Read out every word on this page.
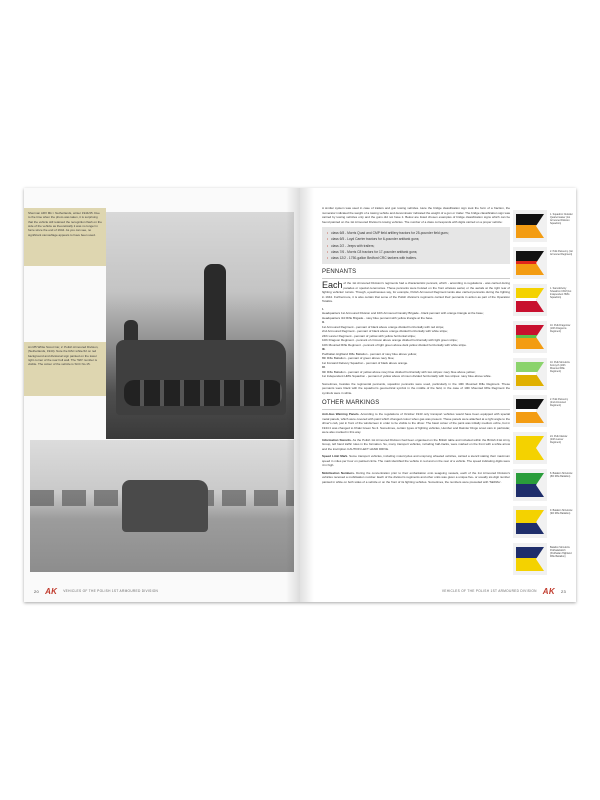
Sherman ARV Mk I. Netherlands, winter 1944/45. Due to the time when the photo was taken, it is surprising that the vehicle still retained the recognition flash on the side of the vehicle as theoretically it was no longer in force since the end of 1944. As you can see, no significant camouflage appears to have been used.

An M5 White Scout Car, 2. Polish Armoured Division, (Netherlands, 1944). Note the RAC white-52 on red background and divisional sign painted on the lower right corner of the rear hull wall. The 'WD' number is visible. The colour of the vehicle is SCC No.15.

20 AK VEHICLES OF THE POLISH 1ST ARMOURED DIVISION

A similar system was used in case of trailers and gun towing vehicles. Here the bridge classification sign took the form of a fraction, the numerator indicated the weight of a towing vehicle and denominator indicated the weight of a gun or trailer. The bridge classification sign was carried by towing vehicles only and the guns did not have it. Below are listed chosen examples of bridge classification signs which can be found painted on the 1st Armoured Division's towing vehicles. The number of a class corresponds with digits carried on a proper vehicle:

• class 6/8 - Morris Quad and CMP field artillery tractors for 25-pounder field guns;
• class 6/5 - Loyd Carrier tractors for 6-pounder antitank guns;
• class 2/2 - Jeeps with trailers;
• class 7/6 - Morris C8 tractors for 17-pounder antitank guns;
• class 12/2 - 1750-gallon Bedford CRC tankers with trailers.
PENNANTS

Each of the 1st Armoured Division's regiments had a characteristic pennant, which - according to regulations - was carried during parades or special ceremonies. These pennants were hoisted on the front wireless aerial, or the aerials at the right rear of fighting vehicles' turrets. Though, eyewitnesses say, for example, Polish Armoured Regiment tanks also carried pennants during the fighting in 1944. Furthermore, it is also certain that some of the Polish division's regiments carried their pennants in action as part of the Operation Totalize.

I.

Headquarters 1st Armoured Division and 10th Armoured Cavalry Brigade - black pennant with orange triangle at the base;

Headquarters 3rd Rifle Brigade - navy blue pennant with yellow triangle at the base.

II.

1st Armoured Regiment - pennant of black above orange divided horizontally with red stripe;

2nd Armoured Regiment - pennant of black above orange divided horizontally with white stripe;

24th Lancer Regiment - pennant of yellow with yellow horizontal stripe;

10th Dragoon Regiment - pennant of crimson above orange divided horizontally with light green stripe;

10th Mounted Rifle Regiment - pennant of light green above dark yellow divided horizontally with white stripe.

III.

Podhalian Highland Rifle Battalion - pennant of navy blue above yellow;

8th Rifle Battalion - pennant of green above navy blue;

1st Forward Delivery Squadron - pennant of black above orange.

IV.

9th Rifle Battalion - pennant of yellow above navy blue divided horizontally with two stripes: navy blue above yellow;

1st Independent HMG Squadron - pennant of yellow above crimson divided horizontally with two stripes: navy blue above white.

Sometimes, besides the regimental pennants, squadron pennants were used, particularly in the 10th Mounted Rifle Regiment. These pennants were black with the squadron's geometrical symbol in the middle of the field, in the case of 10th Mounted Rifle Regiment the symbols were in white.

OTHER MARKINGS

Anti-Gas Warning Panels. According to the regulations of October 1943 only transport vehicles would have been equipped with special metal panels, which were covered with paint which changed colour when gas was present. These panels were attached at a right angle to the driver's cab, just in front of the windscreen in order to be visible to the driver. The basic colour of the paint was initially medium ochre, but in 1944 it was changed to Khaki Green No.3. Sometimes, certain types of fighting vehicles, Humber and Daimler Dingo scout cars in particular, were also marked in this way.

Information Stencils. As the Polish 1st Armoured Division had been organised on the British table and included within the British 21st Army Group, left hand traffic rules in the formation. So, many transport vehicles, including half-tracks, were marked on the front with a white arrow and the inscription CAUTION LEFT HAND DRIVE.

Speed Limit Mark. Some transport vehicles, including motorcycles and unsprung wheeled vehicles, carried a stencil stating their maximum speed in miles per hour on painted circle. The mark identified the vehicle in red and on the rear of a vehicle. The speed indicating digits were 4 in high.

Mobilisation Numbers. During the concentration prior to their embarkation onto seagoing vessels, each of the 1st Armoured Division's vehicles received a mobilisation number. Each of the division's regiments and other units was given a unique five- or usually six-digit number painted in white on both sides of a vehicle or on the front of its fighting vehicles. Sometimes, the numbers were preceded with 'SERIAL'.

1. Squadron Outsider Quartermaster (1st Armoured Division Squadron)
2. Polk Pancerny (1st Armoured Regiment)
1. Samodzielny Szwadron CKM (1st Independent HMG Squadron)
10. Pułk Dragonów (10th Dragoons Regiment)
10. Pułk Strzelców Konnych (10th Mounted Rifle Regiment)
2. Pułk Pancerny (2nd Armoured Regiment)
24. Pułk Ułanów (24th Lancer Regiment)
8. Batalion Strzelców (8th Rifle Battalion)
9. Batalion Strzelców (9th Rifle Battalion)
Batalion Strzelców Podhalańskich (Podhalian Highland Rifle Battalion)
VEHICLES OF THE POLISH 1ST ARMOURED DIVISION AK 23
